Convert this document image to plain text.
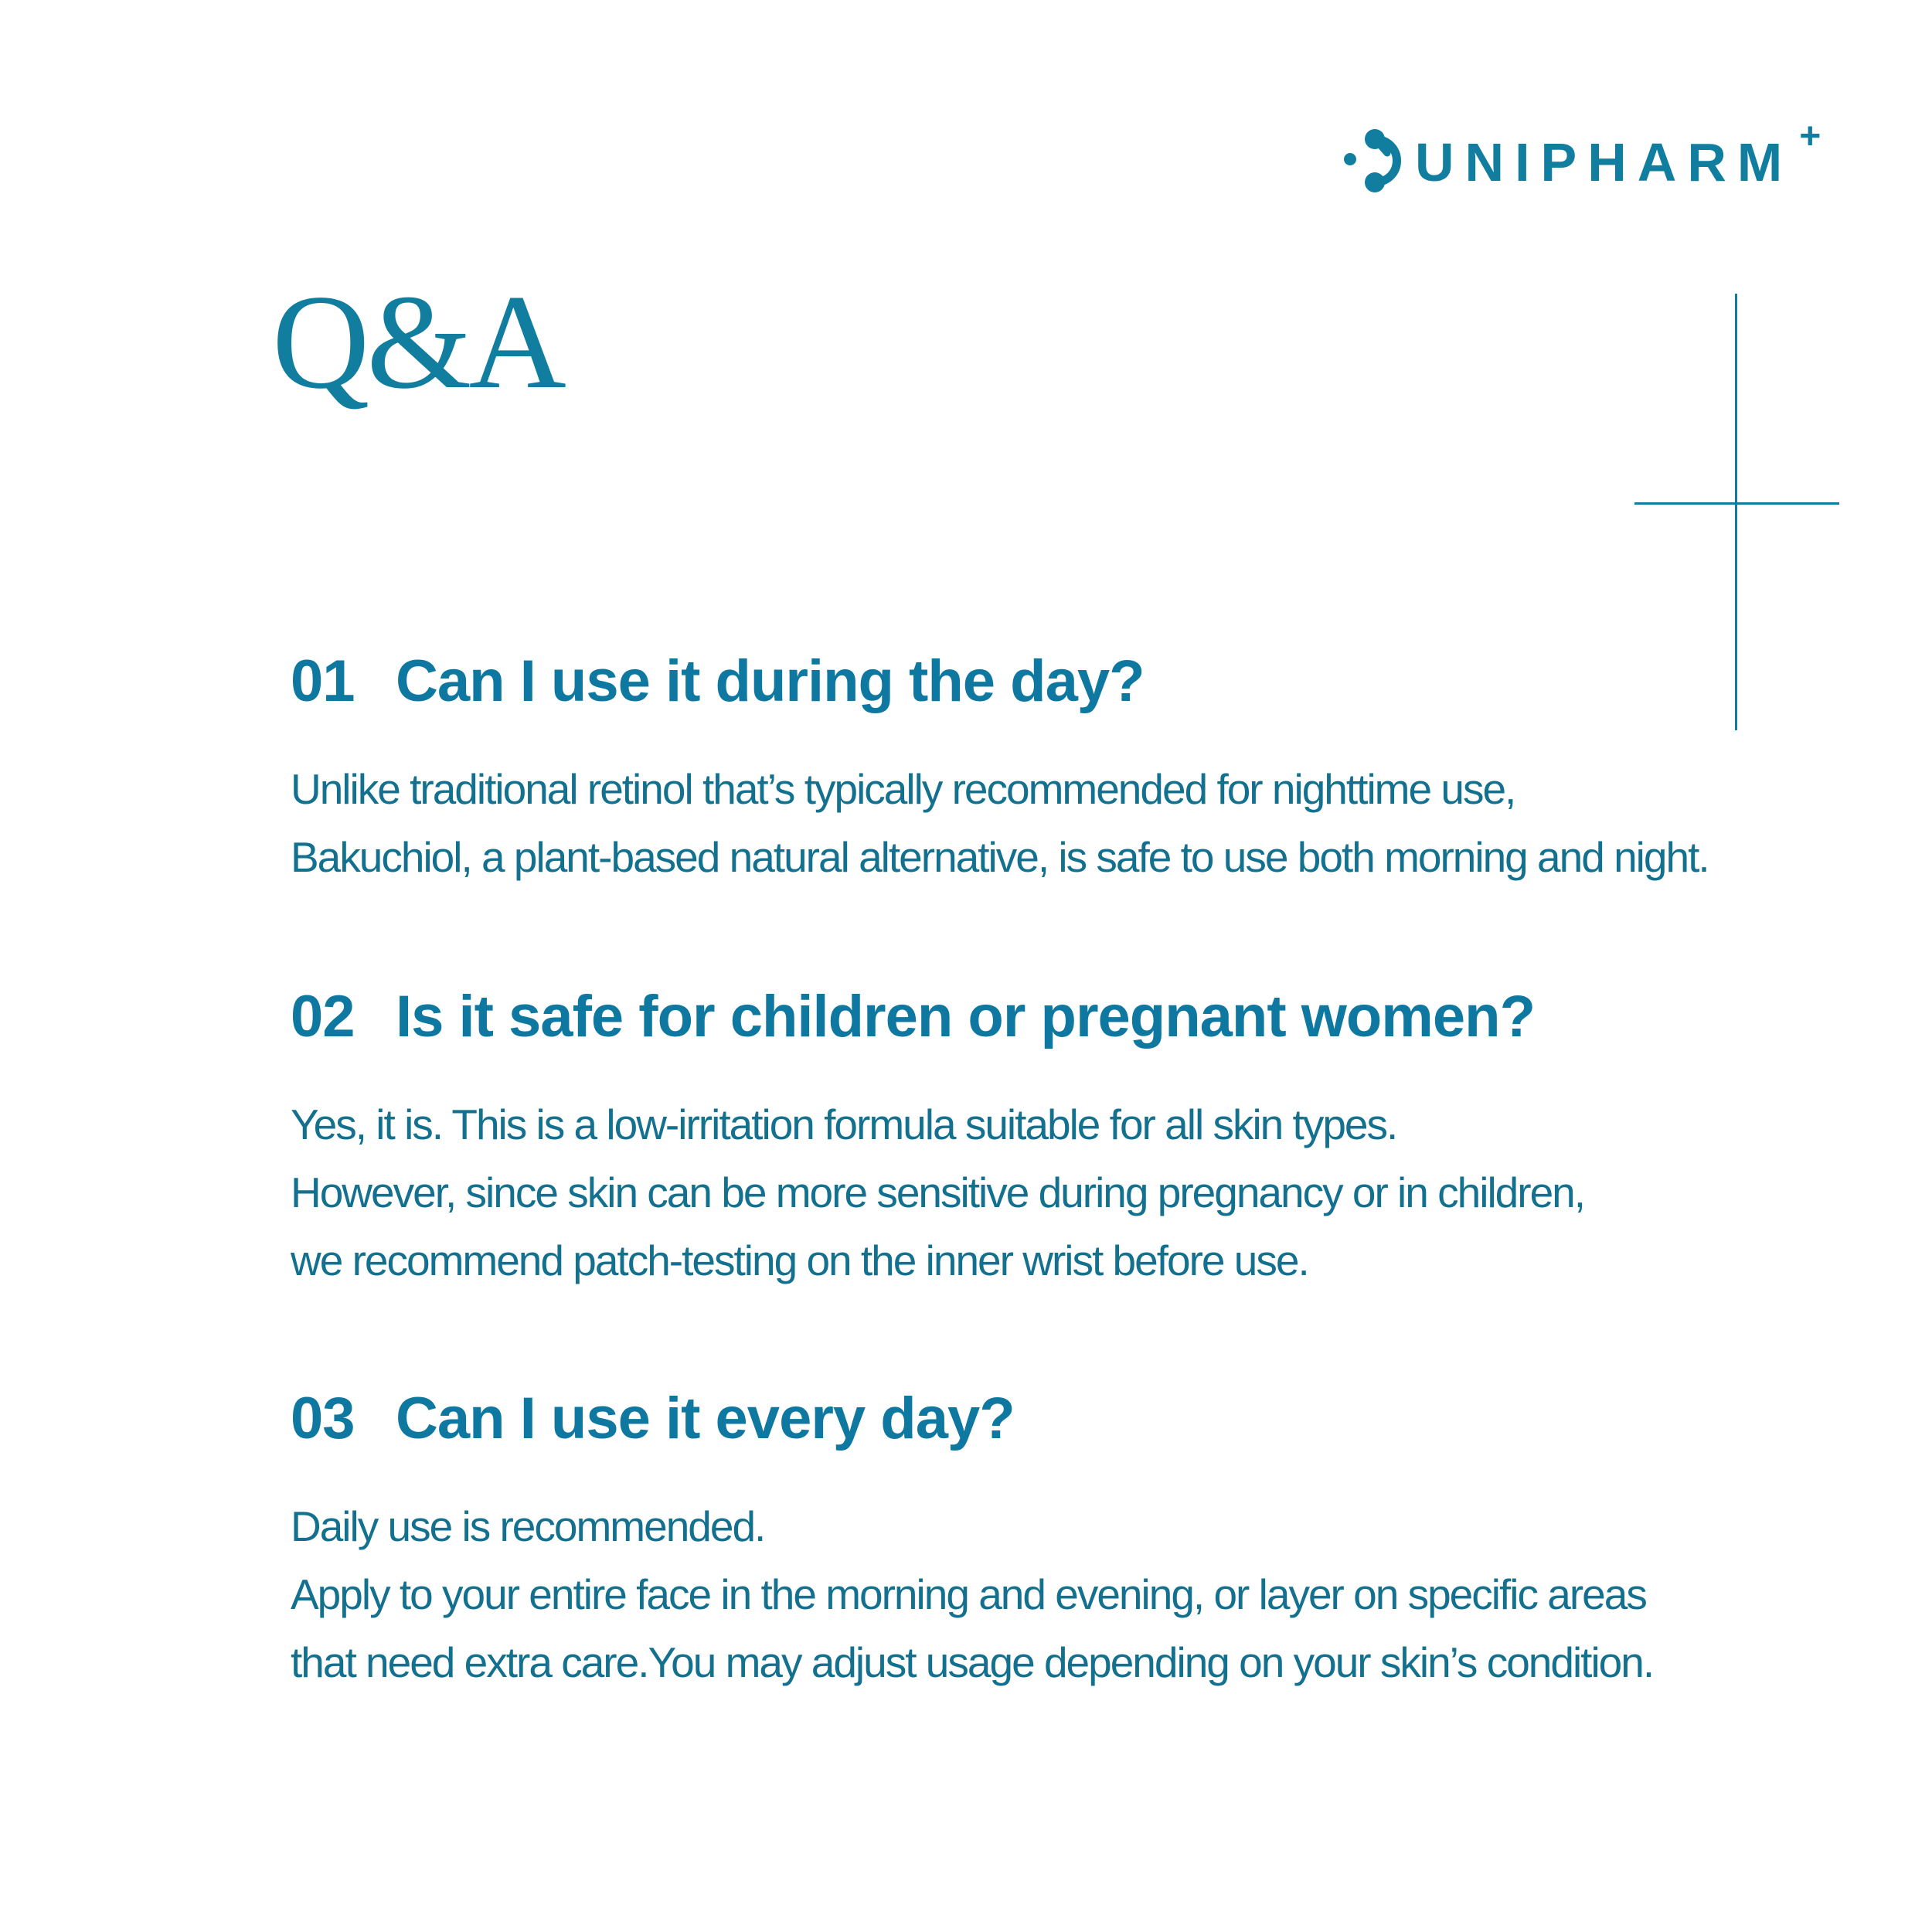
UNIPHARM +
Q&A
01 Can I use it during the day?
Unlike traditional retinol that’s typically recommended for nighttime use,
Bakuchiol, a plant-based natural alternative, is safe to use both morning and night.
02 Is it safe for children or pregnant women?
Yes, it is. This is a low-irritation formula suitable for all skin types.
However, since skin can be more sensitive during pregnancy or in children,
we recommend patch-testing on the inner wrist before use.
03 Can I use it every day?
Daily use is recommended.
Apply to your entire face in the morning and evening, or layer on specific areas
that need extra care.You may adjust usage depending on your skin’s condition.
